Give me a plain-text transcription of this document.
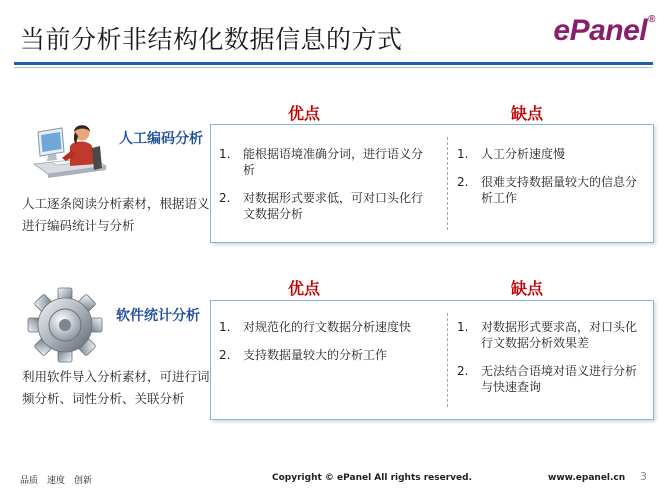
当前分析非结构化数据信息的方式	ePanel®
优点	缺点
人工编码分析
人工逐条阅读分析素材，根据语义进行编码统计与分析
1. 能根据语境准确分词，进行语义分析
2. 对数据形式要求低，可对口头化行文数据分析
1. 人工分析速度慢
2. 很难支持数据量较大的信息分析工作
优点	缺点
软件统计分析
利用软件导入分析素材，可进行词频分析、词性分析、关联分析
1. 对规范化的行文数据分析速度快
2. 支持数据量较大的分析工作
1. 对数据形式要求高，对口头化行文数据分析效果差
2. 无法结合语境对语义进行分析与快速查询
品质　速度　创新	Copyright © ePanel All rights reserved.	www.epanel.cn 3
